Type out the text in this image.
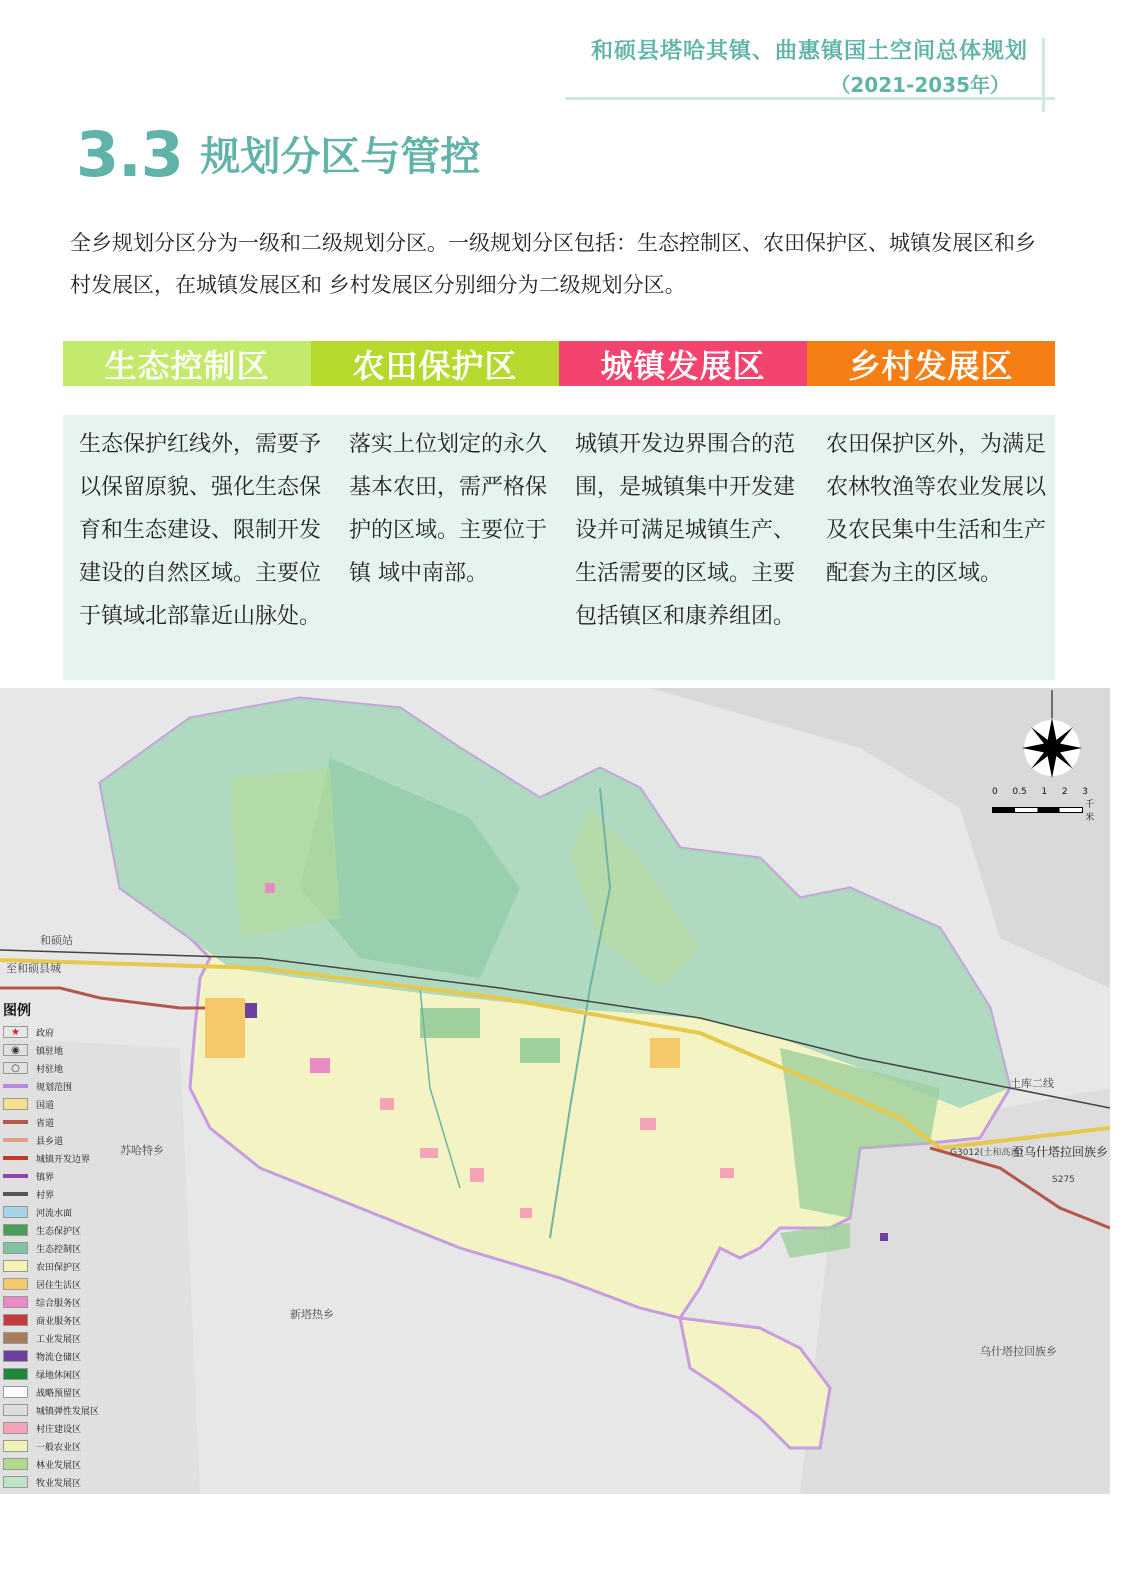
和硕县塔哈其镇、曲惠镇国土空间总体规划
（2021-2035年）
3.3 规划分区与管控
全乡规划分区分为一级和二级规划分区。一级规划分区包括：生态控制区、农田保护区、城镇发展区和乡村发展区，在城镇发展区和 乡村发展区分别细分为二级规划分区。
生态控制区	农田保护区	城镇发展区	乡村发展区
生态保护红线外，需要予以保留原貌、强化生态保育和生态建设、限制开发建设的自然区域。主要位于镇域北部靠近山脉处。
落实上位划定的永久基本农田，需严格保护的区域。主要位于镇 域中南部。
城镇开发边界围合的范围，是城镇集中开发建设并可满足城镇生产、生活需要的区域。主要包括镇区和康养组团。
农田保护区外，为满足农林牧渔等农业发展以及农民集中生活和生产配套为主的区域。
和硕站
至和硕县城
土库二线
G3012(土和高速)
至乌什塔拉回族乡
S275
苏哈特乡
新塔热乡
乌什塔拉回族乡
0 0.5 1 2 3
千米
图例
★	政府
◉	镇驻地
○	村驻地
规划范围
国道
省道
县乡道
城镇开发边界
镇界
村界
河流水面
生态保护区
生态控制区
农田保护区
居住生活区
综合服务区
商业服务区
工业发展区
物流仓储区
绿地休闲区
战略预留区
城镇弹性发展区
村庄建设区
一般农业区
林业发展区
牧业发展区
